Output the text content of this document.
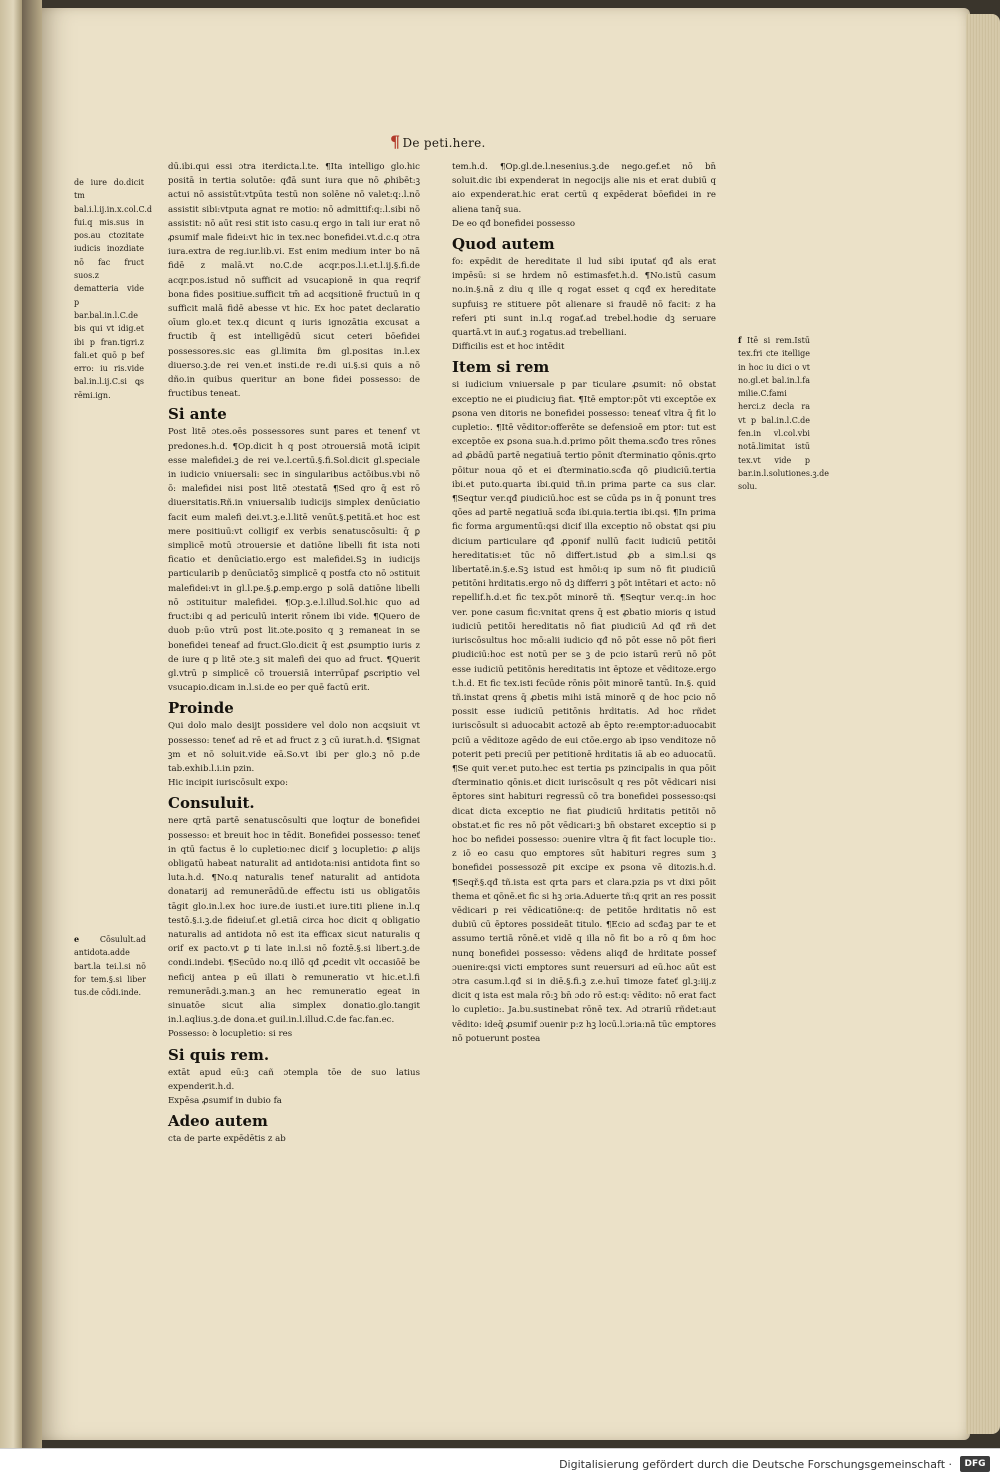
¶ De peti.here.

de iure do.dicit tm bal.i.l.ij.in.x.col.C.d fui.q mis.sus in pos.au ctozitate iudicis inozdiate nō fac fruct suos.z dematteria vide p bar.bal.in.l.C.de bis qui vt idig.et ibi p fran.tigri.z fali.et quō p bef erro: iu ris.vide bal.in.l.ij.C.si ꝗs rēmi.ign.

e	Cōsulult.ad antidota.adde bart.la tei.l.si nō for tem.§.si liber tus.de cōdi.inde.

dū.ibi.qui essi ɔtra iterdicta.l.te. ¶Ita intelligo glo.hic positā in tertia solutōe: qđā sunt iura que nō ꝓhibēt:ꝫ actui nō assistūt:vtpūta testū non solēne nō valet:q:.l.nō assistit sibi:vtputa agnat re motio: nō admittif:q:.l.sibi nō assistit: nō aūt resi stit isto casu.q ergo in tali iur erat nō ꝓsumif male fidei:vt hic in tex.nec bonefidei.vt.d.c.q ɔtra iura.extra de reg.iur.lib.vi. Est enim medium inter bo nā fidē z malā.vt no.C.de acqr.pos.l.i.et.l.ij.§.fi.de acqr.pos.istud nō sufficit ad vsucapionē in qua reqrif bona fides positiue.sufficit tm̄ ad acqsitionē fructuū in q sufficit malā fidē abesse vt hic. Ex hoc patet declaratio oīum glo.et tex.q dicunt q iuris ignozātia excusat a fructib q̄ est intelligēdū sicut ceteri bōefidei possessores.sic eas gl.limita ɓm gl.positas in.l.ex diuerso.ꝫ.de rei ven.et insti.de re.di ui.§.si quis a nō dño.in quibus queritur an bone fidei possesso: de fructibus teneat.

Si ante

Post litē ɔtes.oēs possessores sunt pares et tenenf vt predones.h.d. ¶Op.dicit h q post ɔtrouersiā motā icipit esse malefidei.ꝫ de rei ve.l.certū.§.fi.Sol.dicit gl.speciale in iudicio vniuersali: sec in singularibus actōibus.vbi nō ō: malefidei nisi post litē ɔtestatā ¶Sed qro q̄ est rō diuersitatis.Rñ.in vniuersalib iudicijs simplex denūciatio facit eum malefi dei.vt.ꝫ.e.l.litē venūt.§.petitā.et hoc est mere positiuū:vt colligif ex verbis senatuscōsulti: q̄ ꝑ simplicē motū ɔtrouersie et datiōne libelli fit ista noti ficatio et denūciatio.ergo est malefidei.Sꝫ in iudicijs particularib p denūciatōꝫ simplicē q postfa cto nō ɔstituit malefidei:vt in gl.l.pe.§.ꝑ.emp.ergo p solā datiōne libelli nō ɔstituitur malefidei. ¶Op.ꝫ.e.l.illud.Sol.hic quo ad fruct:ibi q ad periculū interit rōnem ibi vide. ¶Quero de duob p:ūo vtrū post lit.ɔte.posito q ꝫ remaneat in se bonefidei teneaf ad fruct.Glo.dicit q̄ est ꝓsumptio iuris z de iure q p litē ɔte.ꝫ sit malefi dei quo ad fruct. ¶Querit gl.vtrū p simplicē cō trouersiā interrūpaf ꝑscriptio vel vsucapio.dicam in.l.si.de eo per quē factū erit.

Proinde

Qui dolo malo desijt possidere vel dolo non acqsiuit vt possesso: teneť ad rē et ad fruct z ꝫ cū iurat.h.d. ¶Signat ꝫm et nō soluit.vide eā.So.vt ibi per glo.ꝫ nō p.de tab.exhib.l.i.in pzin.

Hic incipit iuriscōsult expo:

Consuluit.

nere ɋrtā partē senatuscōsulti que loqtur de bonefidei possesso: et breuit hoc in tēdit. Bonefidei possesso: teneť in qtū factus ē lo cupletio:nec dicif ꝫ locupletio: ꝓ alijs obligatū habeat naturalit ad antidota:nisi antidota fint so luta.h.d. ¶No.q naturalis tenef naturalit ad antidota donatarij ad remunerādū.de effectu isti us obligatōis tāgit glo.in.l.ex hoc iure.de iusti.et iure.titi pliene in.l.q testō.§.i.ꝫ.de fideiuſ.et gl.etiā circa hoc dicit q obligatio naturalis ad antidota nō est ita efficax sicut naturalis q orif ex pacto.vt ꝑ ti late in.l.si nō foztē.§.si libert.ꝫ.de condi.indebi. ¶Secūdo no.q illō qđ ꝓcedit vlt occasiōē be neficij antea p eū illati ꝺ remuneratio vt hic.et.l.fi remunerādi.ꝫ.man.ꝫ an hec remuneratio egeat in sinuatōe sicut alia simplex donatio.glo.tangit in.l.aqlius.ꝫ.de dona.et guil.in.l.illud.C.de fac.fan.ec.

Possesso: ꝺ locupletio: si res

Si quis rem.

extāt apud eū:ꝫ cañ ɔtempla tōe de suo latius expenderit.h.d.

Expēsa ꝓsumif in dubio fa

Adeo autem

cta de parte expēdētis z ab

tem.h.d. ¶Op.gl.de.l.nesenius.ꝫ.de nego.gef.et nō bn̄ soluit.dic ibi expenderat in negocijs alie nis et erat dubiū q aio expenderat.hic erat certū q expēderat bōefidei in re aliena tanq̄ sua.

De eo qđ bonefidei possesso

Quod autem

fo: expēdit de hereditate il lud sibi iputať qđ als erat impēsū: si se hrdem nō estimasfet.h.d. ¶No.istū casum no.in.§.nā z diu q ille q rogat esset q cqđ ex hereditate supfuisꝫ re stituere pōt alienare si fraudē nō facit: z ha referi pti sunt in.l.q rogať.ad trebel.hodie dꝫ seruare quartā.vt in auť.ꝫ rogatus.ad trebelliani.

Difficilis est et hoc intēdit

Item si rem

si iudicium vniuersale p par ticulare ꝓsumit: nō obstat exceptio ne ei ꝑiudiciuꝫ fiat. ¶Itē emptor:pōt vti exceptōe ex ꝑsona ven ditoris ne bonefidei possesso: teneať vltra q̄ fit lo cupletio:. ¶Itē vēditor:offerēte se defensioē em ptor: tut est exceptōe ex ꝑsona sua.h.d.primo pōit thema.scđo tres rōnes ad ꝓbādū partē negatiuā tertio pōnit ɗterminatio qōnis.qrto pōitur noua qō et ei ɗterminatio.scđa qō ꝑiudiciū.tertia ibi.et puto.quarta ibi.quid tñ.in prima parte ca sus clar. ¶Seqtur ver.qđ ꝑiudiciū.hoc est se cūda ps in q̄ ponunt tres qōes ad partē negatiuā scđa ibi.quia.tertia ibi.qsi. ¶In prima fic forma argumentū:qsi dicif illa exceptio nō obstat qsi ꝑiu dicium particulare qđ ꝓponif nullū facit iudiciū petitōi hereditatis:et tūc nō differt.istud ꝓb a sim.l.si ꝗs libertatē.in.§.e.Sꝫ istud est hmōi:q ip sum nō fit ꝑiudiciū petitōni hrditatis.ergo nō dꝫ differri ꝫ pōt intētari et acto: nō repellif.h.d.et fic tex.pōt minorē tñ. ¶Seqtur ver.q:.in hoc ver. pone casum fic:vnitat qrens q̄ est ꝓbatio mioris q istud iudiciū petitōi hereditatis nō fiat ꝑiudiciū Ad qđ rñ det iuriscōsultus hoc mō:alii iudicio qđ nō pōt esse nō pōt fieri ꝑiudiciū:hoc est notū per se ꝫ de pcio istarū rerū nō pōt esse iudiciū petitōnis hereditatis int ēptoze et vēditoze.ergo t.h.d. Et fic tex.isti fecūde rōnis pōit minorē tantū. In.§. quid tñ.instat qrens q̄ ꝓbetis mihi istā minorē q de hoc pcio nō possit esse iudiciū petitōnis hrditatis. Ad hoc rñdet iuriscōsult si aduocabit actozē ab ēpto re:emptor:aduocabit pciū a vēditoze agēdo de eui ctōe.ergo ab ipso venditoze nō poterit peti preciū per petitionē hrditatis iā ab eo aduocatū. ¶Se quit ver.et puto.hec est tertia ps pzincipalis in qua pōit ɗterminatio qōnis.et dicit iuriscōsult q res pōt vēdicari nisi ēptores sint habituri regressū cō tra bonefidei possesso:qsi dicat dicta exceptio ne fiat ꝑiudiciū hrditatis petitōi nō obstat.et fic res nō pōt vēdicari:ꝫ bn̄ obstaret exceptio si p hoc bo nefidei possesso: ɔuenire vltra q̄ fit fact locuple tio:. z iō eo casu quo emptores sūt habituri regres sum ꝫ bonefidei possessozē ꝑit excipe ex ꝑsona vē ditozis.h.d. ¶Seqř.§.qđ tñ.ista est qrta pars et clara.pzia ps vt dixi pōit thema et qōnē.et fic si hꝫ ɔria.Aduerte tñ:q qrit an res possit vēdicari p rei vēdicatiōne:q: de petitōe hrditatis nō est dubiū cū ēptores possideāt titulo. ¶Ecio ad scđaꝫ par te et assumo tertiā rōnē.et vidē q illa nō fit bo a rō q ɓm hoc nunq bonefidei possesso: vēdens aliqđ de hrditate possef ɔuenire:qsi victi emptores sunt reuersuri ad eū.hoc aūt est ɔtra casum.l.qđ si in diē.§.fi.ꝫ z.e.huī timoze fateť gl.ꝫ:iij.z dicit q ista est mala rō:ꝫ bn̄ ɔdo rō est:q: vēdito: nō erat fact lo cupletio:. Ja.bu.sustinebat rōnē tex. Ad ɔtrariū rñdet:aut vēdito: ideq̄ ꝓsumif ɔuenir p:z hꝫ locū.l.ɔria:nā tūc emptores nō potuerunt postea

f Itē si rem.Istū tex.fri cte itellige in hoc iu dici o vt no.gl.et bal.in.l.fa milie.C.fami herci.z decla ra vt p bal.in.l.C.de fen.in vl.col.vbi notā.limitat istū tex.vt vide p bar.in.l.solutiones.ꝫ.de solu.

Digitalisierung gefördert durch die Deutsche Forschungsgemeinschaft ·	DFG
